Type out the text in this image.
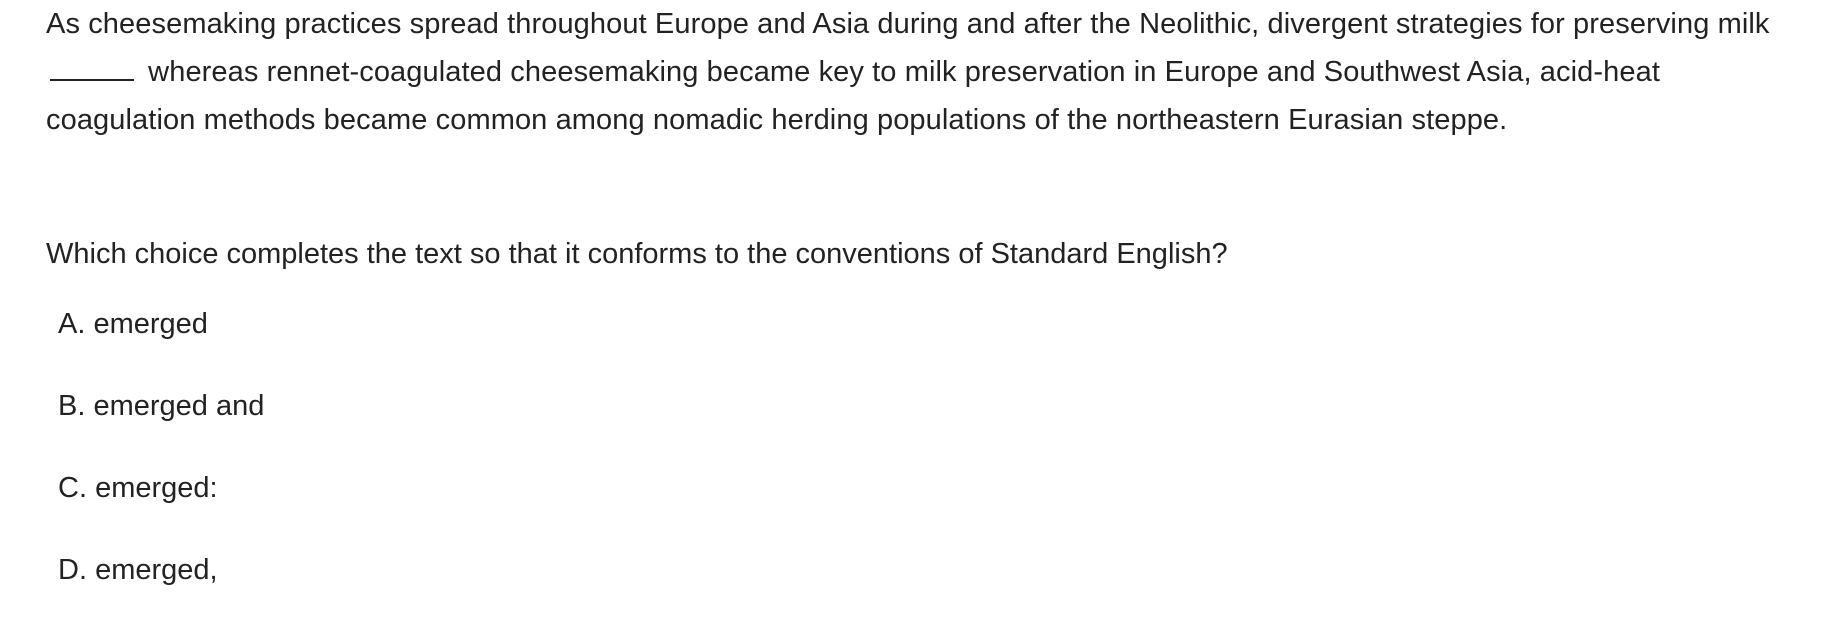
As cheesemaking practices spread throughout Europe and Asia during and after the Neolithic, divergent strategies for preserving milk  whereas rennet-coagulated cheesemaking became key to milk preservation in Europe and Southwest Asia, acid-heat coagulation methods became common among nomadic herding populations of the northeastern Eurasian steppe.

Which choice completes the text so that it conforms to the conventions of Standard English?

A. emerged
B. emerged and
C. emerged:
D. emerged,
